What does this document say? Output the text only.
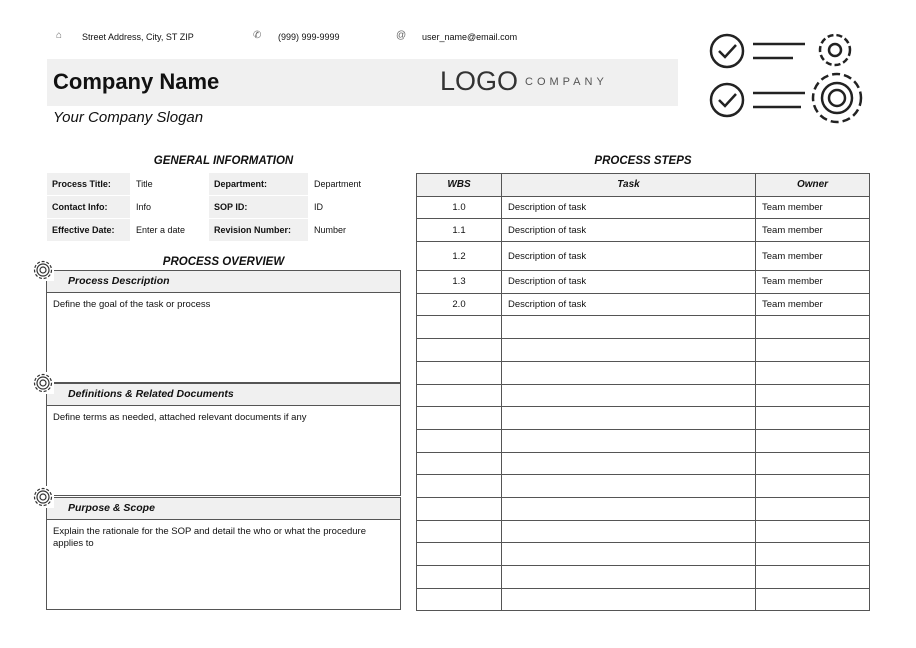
⌂ Street Address, City, ST ZIP	✆ (999) 999-9999	@ user_name@email.com
Company Name	LOGO COMPANY
Your Company Slogan
GENERAL INFORMATION
Process Title:	Title	Department:	Department
Contact Info:	Info	SOP ID:	ID
Effective Date:	Enter a date	Revision Number:	Number
PROCESS OVERVIEW
Process Description
Define the goal of the task or process
Definitions & Related Documents
Define terms as needed, attached relevant documents if any
Purpose & Scope
Explain the rationale for the SOP and detail the who or what the procedure applies to
PROCESS STEPS
WBS	Task	Owner
1.0	Description of task	Team member
1.1	Description of task	Team member
1.2	Description of task	Team member
1.3	Description of task	Team member
2.0	Description of task	Team member
